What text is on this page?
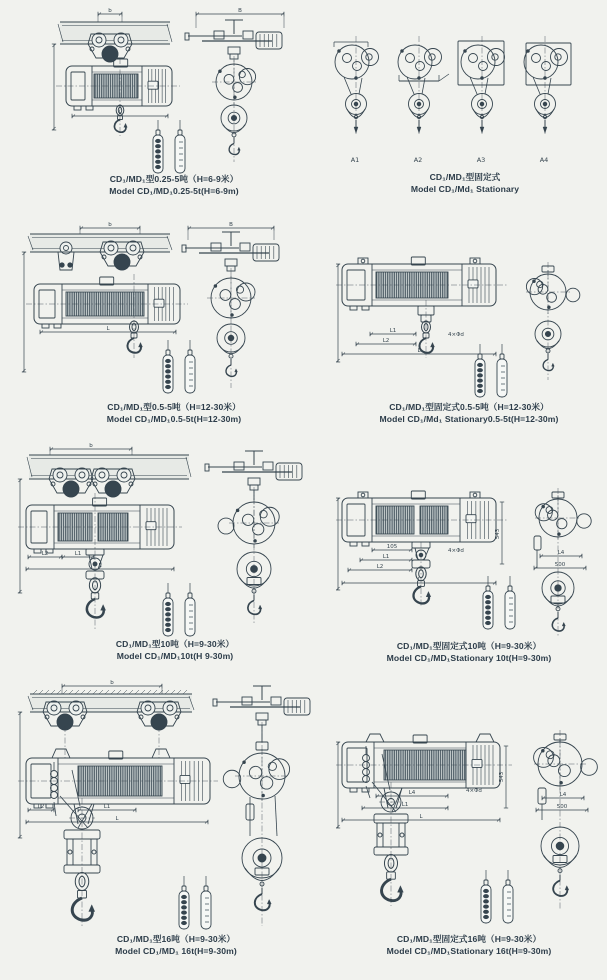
b
L
B
CD₁/MD₁型0.25-5吨（H=6-9米）
Model CD₁/MD₁0.25-5t(H=6-9m)
A1	A2	A3	A4
CD₁/MD₁型固定式
Model CD₁/Md₁ Stationary
b
L
B
CD₁/MD₁型0.5-5吨（H=12-30米）
Model CD₁/MD₁0.5-5t(H=12-30m)
L1
L2
L
4×Φd
CD₁/MD₁型固定式0.5-5吨（H=12-30米）
Model CD₁/Md₁ Stationary0.5-5t(H=12-30m)
b
L2	L1
L
CD₁/MD₁型10吨（H=9-30米）
Model CD₁/MD₁10t(H 9-30m)
105
L1
L2
L
4×Φd
543
L4
500
CD₁/MD₁型固定式10吨（H=9-30米）
Model CD₁/MD₁Stationary 10t(H=9-30m)
b
L2	L1
L
CD₁/MD₁型16吨（H=9-30米）
Model CD₁/MD₁ 16t(H=9-30m)
L4
L1
L
4×Φd
543
L4
500
CD₁/MD₁型固定式16吨（H=9-30米）
Model CD₁/MD₁Stationary 16t(H=9-30m)
